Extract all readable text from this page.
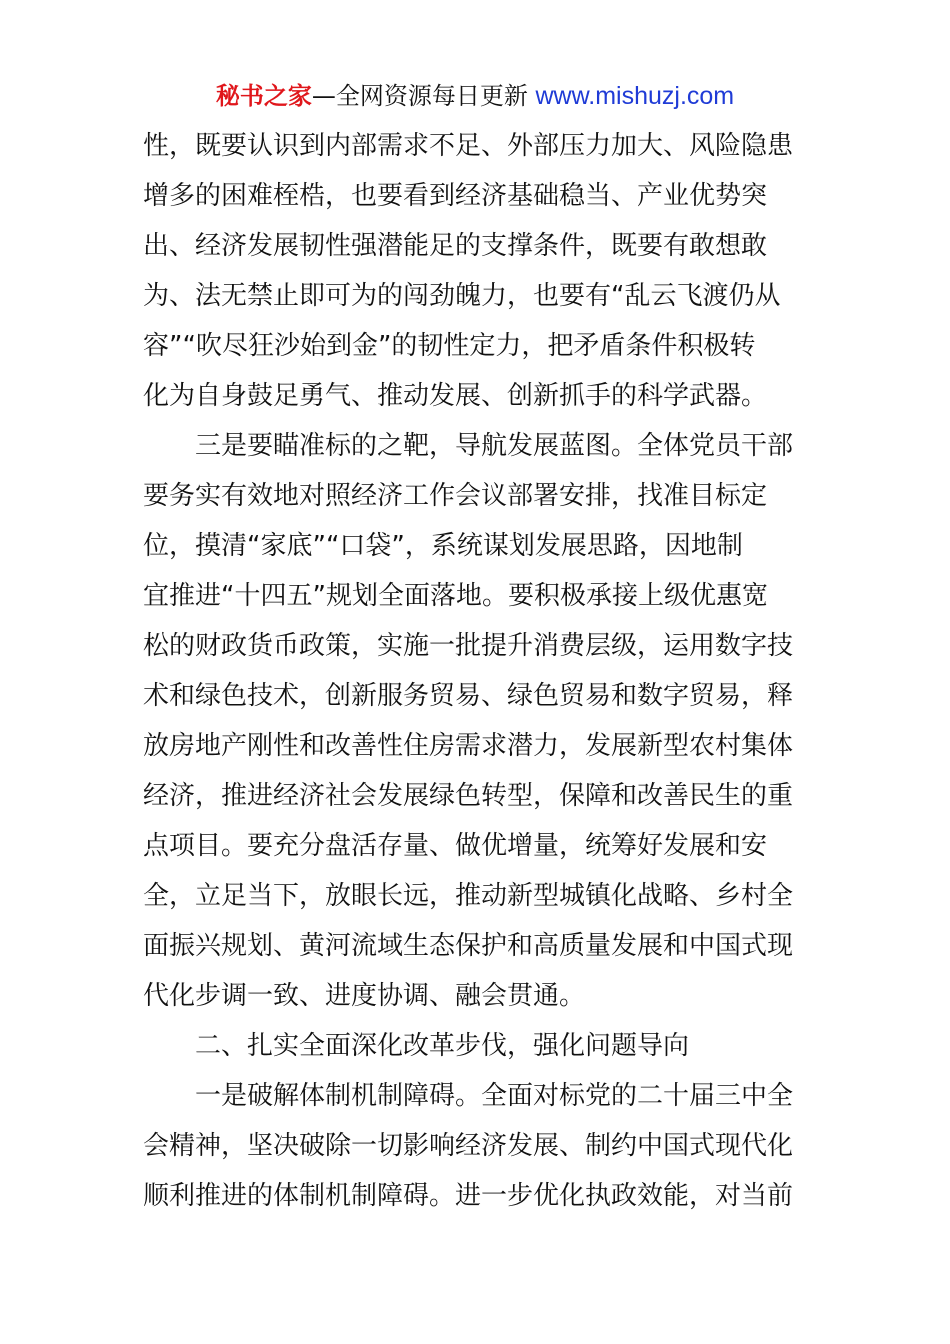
秘书之家—全网资源每日更新 www.mishuzj.com
性，既要认识到内部需求不足、外部压力加大、风险隐患
增多的困难桎梏，也要看到经济基础稳当、产业优势突
出、经济发展韧性强潜能足的支撑条件，既要有敢想敢
为、法无禁止即可为的闯劲魄力，也要有“乱云飞渡仍从
容”“吹尽狂沙始到金”的韧性定力，把矛盾条件积极转
化为自身鼓足勇气、推动发展、创新抓手的科学武器。
三是要瞄准标的之靶，导航发展蓝图。全体党员干部
要务实有效地对照经济工作会议部署安排，找准目标定
位，摸清“家底”“口袋”，系统谋划发展思路，因地制
宜推进“十四五”规划全面落地。要积极承接上级优惠宽
松的财政货币政策，实施一批提升消费层级，运用数字技
术和绿色技术，创新服务贸易、绿色贸易和数字贸易，释
放房地产刚性和改善性住房需求潜力，发展新型农村集体
经济，推进经济社会发展绿色转型，保障和改善民生的重
点项目。要充分盘活存量、做优增量，统筹好发展和安
全，立足当下，放眼长远，推动新型城镇化战略、乡村全
面振兴规划、黄河流域生态保护和高质量发展和中国式现
代化步调一致、进度协调、融会贯通。
二、扎实全面深化改革步伐，强化问题导向
一是破解体制机制障碍。全面对标党的二十届三中全
会精神，坚决破除一切影响经济发展、制约中国式现代化
顺利推进的体制机制障碍。进一步优化执政效能，对当前
